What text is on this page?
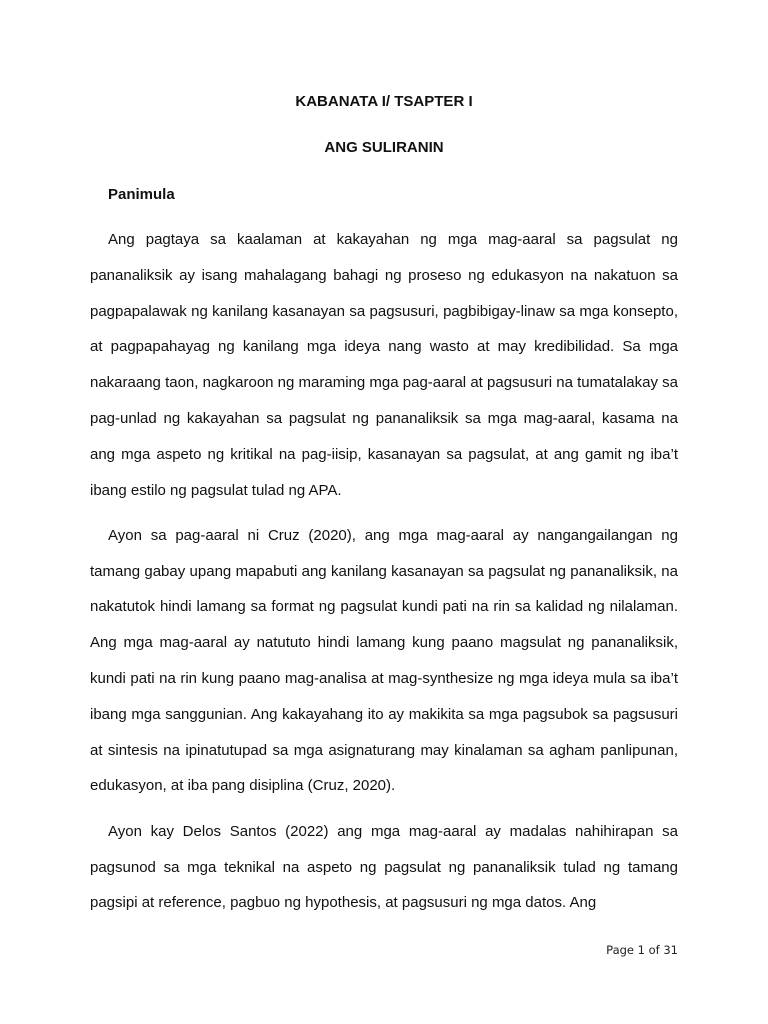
KABANATA I/ TSAPTER I
ANG SULIRANIN
Panimula

Ang pagtaya sa kaalaman at kakayahan ng mga mag-aaral sa pagsulat ng pananaliksik ay isang mahalagang bahagi ng proseso ng edukasyon na nakatuon sa pagpapalawak ng kanilang kasanayan sa pagsusuri, pagbibigay-linaw sa mga konsepto, at pagpapahayag ng kanilang mga ideya nang wasto at may kredibilidad. Sa mga nakaraang taon, nagkaroon ng maraming mga pag-aaral at pagsusuri na tumatalakay sa pag-unlad ng kakayahan sa pagsulat ng pananaliksik sa mga mag-aaral, kasama na ang mga aspeto ng kritikal na pag-iisip, kasanayan sa pagsulat, at ang gamit ng iba’t ibang estilo ng pagsulat tulad ng APA.

Ayon sa pag-aaral ni Cruz (2020), ang mga mag-aaral ay nangangailangan ng tamang gabay upang mapabuti ang kanilang kasanayan sa pagsulat ng pananaliksik, na nakatutok hindi lamang sa format ng pagsulat kundi pati na rin sa kalidad ng nilalaman. Ang mga mag-aaral ay natututo hindi lamang kung paano magsulat ng pananaliksik, kundi pati na rin kung paano mag-analisa at mag-synthesize ng mga ideya mula sa iba’t ibang mga sanggunian. Ang kakayahang ito ay makikita sa mga pagsubok sa pagsusuri at sintesis na ipinatutupad sa mga asignaturang may kinalaman sa agham panlipunan, edukasyon, at iba pang disiplina (Cruz, 2020).

Ayon kay Delos Santos (2022) ang mga mag-aaral ay madalas nahihirapan sa pagsunod sa mga teknikal na aspeto ng pagsulat ng pananaliksik tulad ng tamang pagsipi at reference, pagbuo ng hypothesis, at pagsusuri ng mga datos. Ang

Page 1 of 31
